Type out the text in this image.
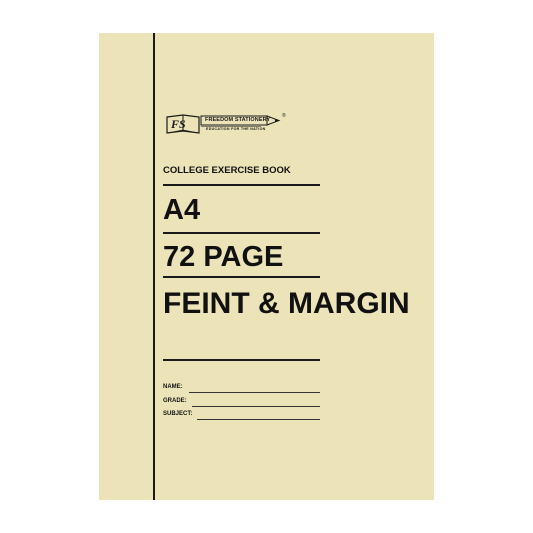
FS	FREEDOM STATIONERY
EDUCATION FOR THE NATION
®
COLLEGE EXERCISE BOOK
A4
72 PAGE
FEINT & MARGIN
NAME:
GRADE:
SUBJECT:
